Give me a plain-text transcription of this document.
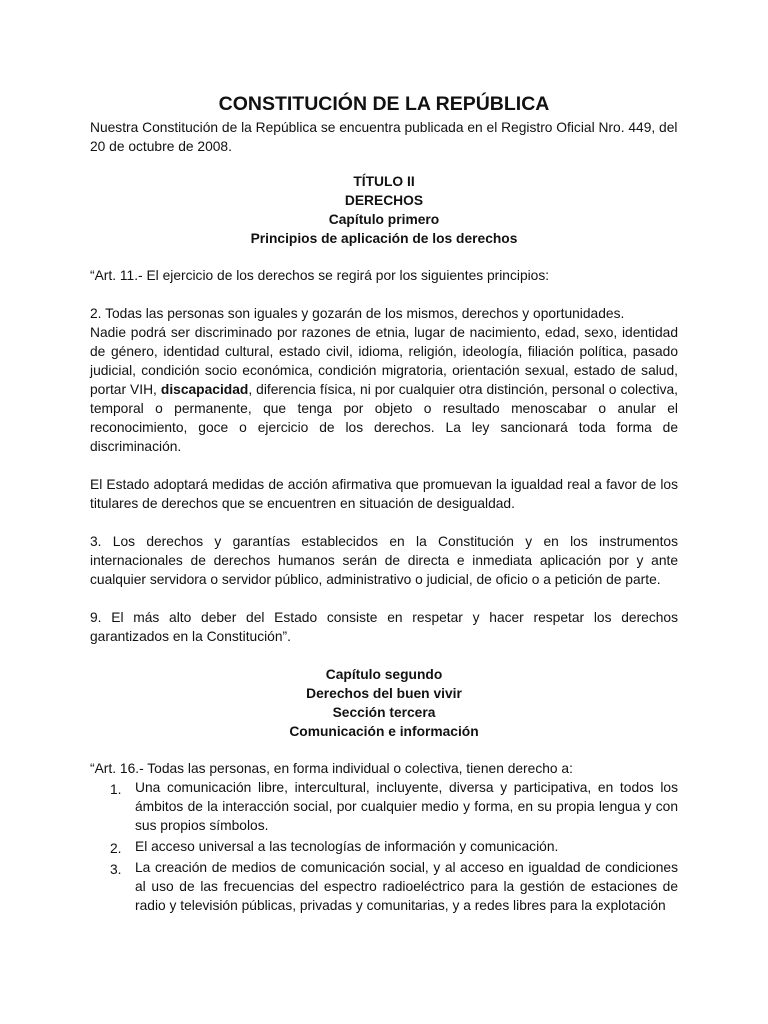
CONSTITUCIÓN DE LA REPÚBLICA
Nuestra Constitución de la República se encuentra publicada en el Registro Oficial Nro. 449, del 20 de octubre de 2008.
TÍTULO II
DERECHOS
Capítulo primero
Principios de aplicación de los derechos

“Art. 11.- El ejercicio de los derechos se regirá por los siguientes principios:

2. Todas las personas son iguales y gozarán de los mismos, derechos y oportunidades.

Nadie podrá ser discriminado por razones de etnia, lugar de nacimiento, edad, sexo, identidad de género, identidad cultural, estado civil, idioma, religión, ideología, filiación política, pasado judicial, condición socio económica, condición migratoria, orientación sexual, estado de salud, portar VIH, discapacidad, diferencia física, ni por cualquier otra distinción, personal o colectiva, temporal o permanente, que tenga por objeto o resultado menoscabar o anular el reconocimiento, goce o ejercicio de los derechos. La ley sancionará toda forma de discriminación.

El Estado adoptará medidas de acción afirmativa que promuevan la igualdad real a favor de los titulares de derechos que se encuentren en situación de desigualdad.

3. Los derechos y garantías establecidos en la Constitución y en los instrumentos internacionales de derechos humanos serán de directa e inmediata aplicación por y ante cualquier servidora o servidor público, administrativo o judicial, de oficio o a petición de parte.

9. El más alto deber del Estado consiste en respetar y hacer respetar los derechos garantizados en la Constitución”.

Capítulo segundo
Derechos del buen vivir
Sección tercera
Comunicación e información

“Art. 16.- Todas las personas, en forma individual o colectiva, tienen derecho a:

1. Una comunicación libre, intercultural, incluyente, diversa y participativa, en todos los ámbitos de la interacción social, por cualquier medio y forma, en su propia lengua y con sus propios símbolos.
2. El acceso universal a las tecnologías de información y comunicación.
3. La creación de medios de comunicación social, y al acceso en igualdad de condiciones al uso de las frecuencias del espectro radioeléctrico para la gestión de estaciones de radio y televisión públicas, privadas y comunitarias, y a redes libres para la explotación
